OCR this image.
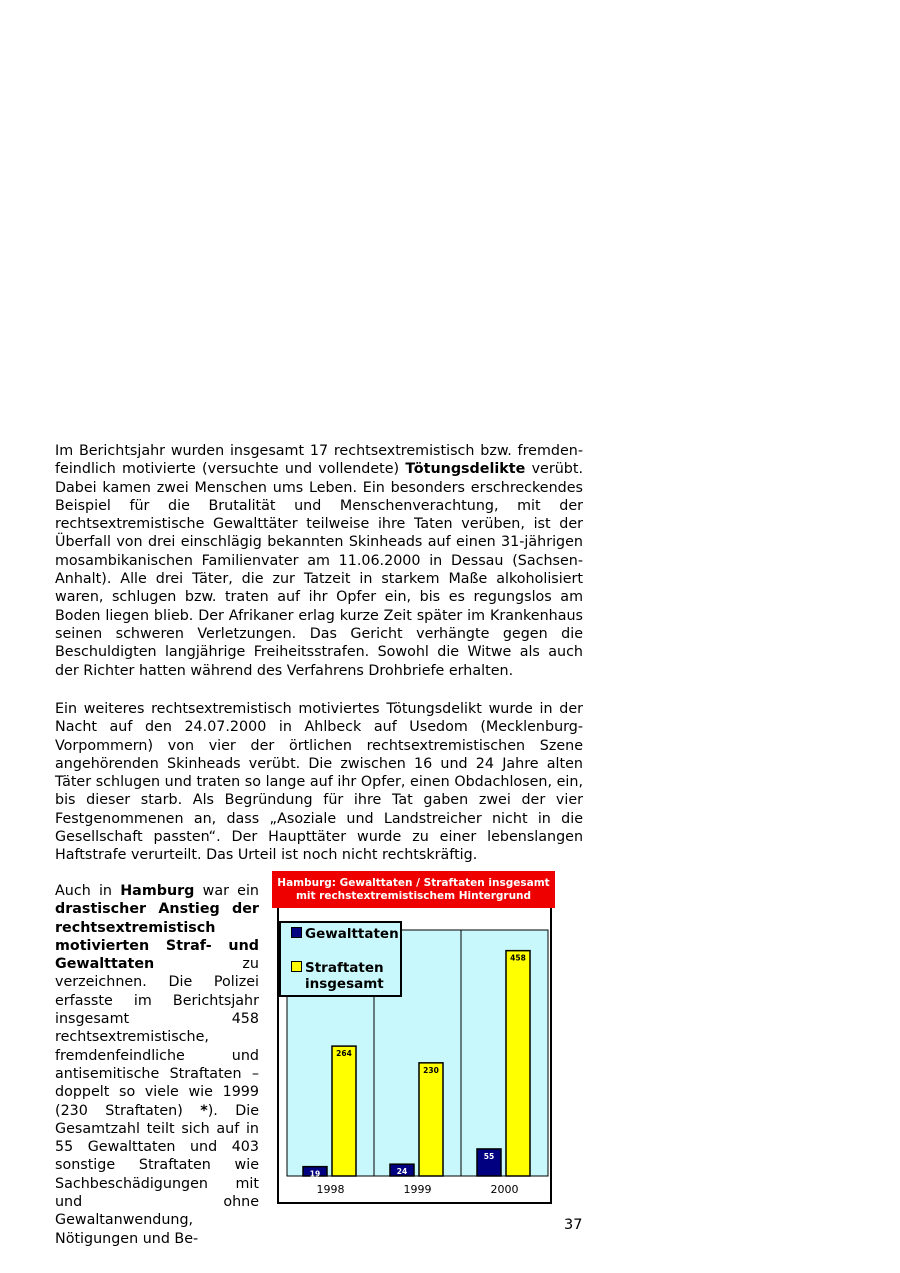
Im Berichtsjahr wurden insgesamt 17 rechtsextremistisch bzw. fremdenfeindlich motivierte (versuchte und vollendete) Tötungsdelikte verübt. Dabei kamen zwei Menschen ums Leben. Ein besonders erschreckendes Beispiel für die Brutalität und Menschenverachtung, mit der rechtsextremistische Gewalttäter teilweise ihre Taten verüben, ist der Überfall von drei einschlägig bekannten Skinheads auf einen 31-jährigen mosambikanischen Familienvater am 11.06.2000 in Dessau (Sachsen-Anhalt). Alle drei Täter, die zur Tatzeit in starkem Maße alkoholisiert waren, schlugen bzw. traten auf ihr Opfer ein, bis es regungslos am Boden liegen blieb. Der Afrikaner erlag kurze Zeit später im Krankenhaus seinen schweren Verletzungen. Das Gericht verhängte gegen die Beschuldigten langjährige Freiheitsstrafen. Sowohl die Witwe als auch der Richter hatten während des Verfahrens Drohbriefe erhalten.

Ein weiteres rechtsextremistisch motiviertes Tötungsdelikt wurde in der Nacht auf den 24.07.2000 in Ahlbeck auf Usedom (Mecklenburg-Vorpommern) von vier der örtlichen rechtsextremistischen Szene angehörenden Skinheads verübt. Die zwischen 16 und 24 Jahre alten Täter schlugen und traten so lange auf ihr Opfer, einen Obdachlosen, ein, bis dieser starb. Als Begründung für ihre Tat gaben zwei der vier Festgenommenen an, dass „Asoziale und Landstreicher nicht in die Gesellschaft passten“. Der Haupttäter wurde zu einer lebenslangen Haftstrafe verurteilt. Das Urteil ist noch nicht rechtskräftig.

Auch in Hamburg war ein drastischer Anstieg der rechtsextremistisch motivierten Straf- und Gewalttaten zu verzeichnen. Die Polizei erfasste im Berichtsjahr insgesamt 458 rechtsextremistische, fremdenfeindliche und antisemitische Straftaten – doppelt so viele wie 1999 (230 Straftaten) *). Die Gesamtzahl teilt sich auf in 55 Gewalttaten und 403 sonstige Straftaten wie Sachbeschädigungen mit und ohne Gewaltanwendung, Nötigungen und Be-

Hamburg: Gewalttaten / Straftaten insgesamt
mit rechstextremistischem Hintergrund
19
264
1998
24
230
1999
55
458
2000
Gewalttaten
Straftaten
insgesamt
37
